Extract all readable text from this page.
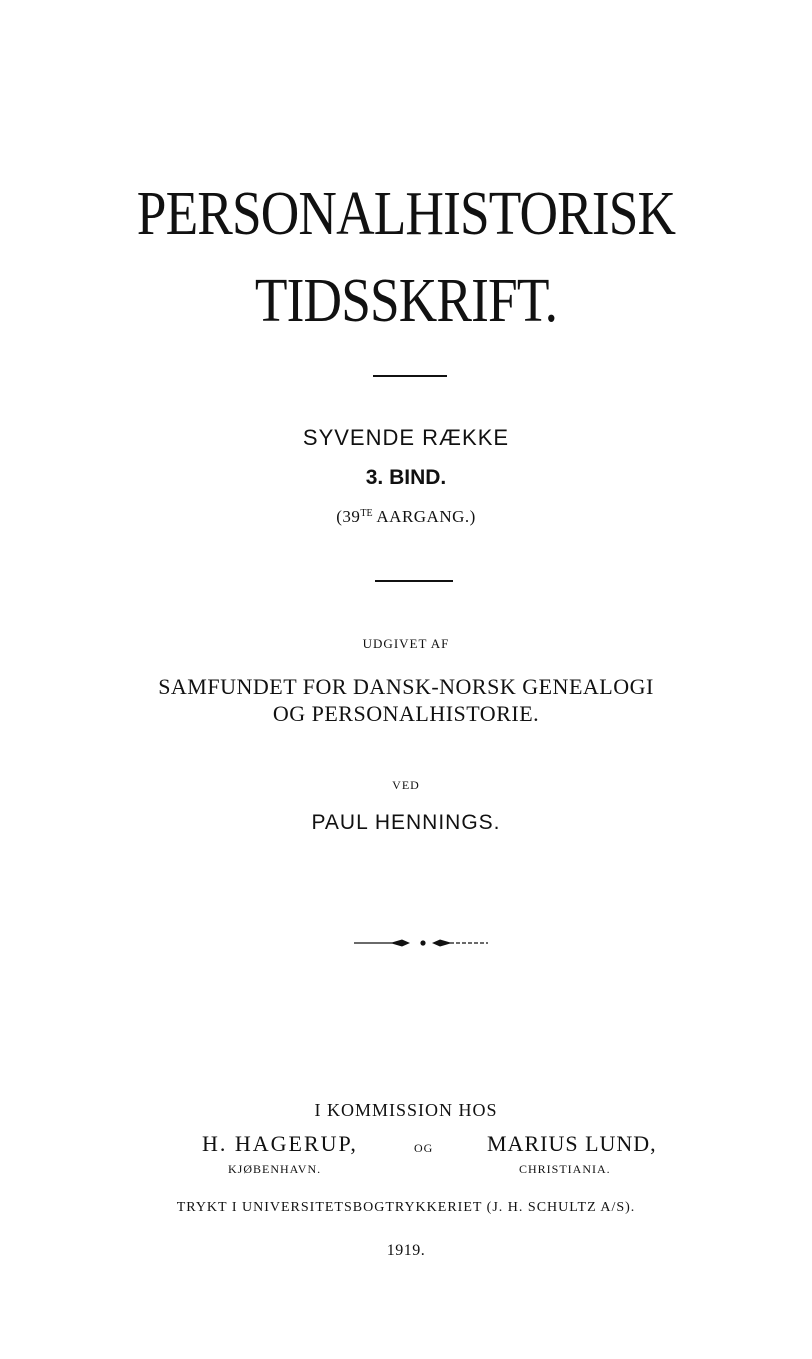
PERSONALHISTORISK
TIDSSKRIFT.
SYVENDE RÆKKE
3. BIND.
($39^{TE}$ AARGANG.)
UDGIVET AF
SAMFUNDET FOR DANSK-NORSK GENEALOGI
OG PERSONALHISTORIE.
VED
PAUL HENNINGS.
I KOMMISSION HOS
H. HAGERUP,	OG MARIUS LUND,
KJØBENHAVN.	CHRISTIANIA.
TRYKT I UNIVERSITETSBOGTRYKKERIET (J. H. SCHULTZ A/S).
1919.
